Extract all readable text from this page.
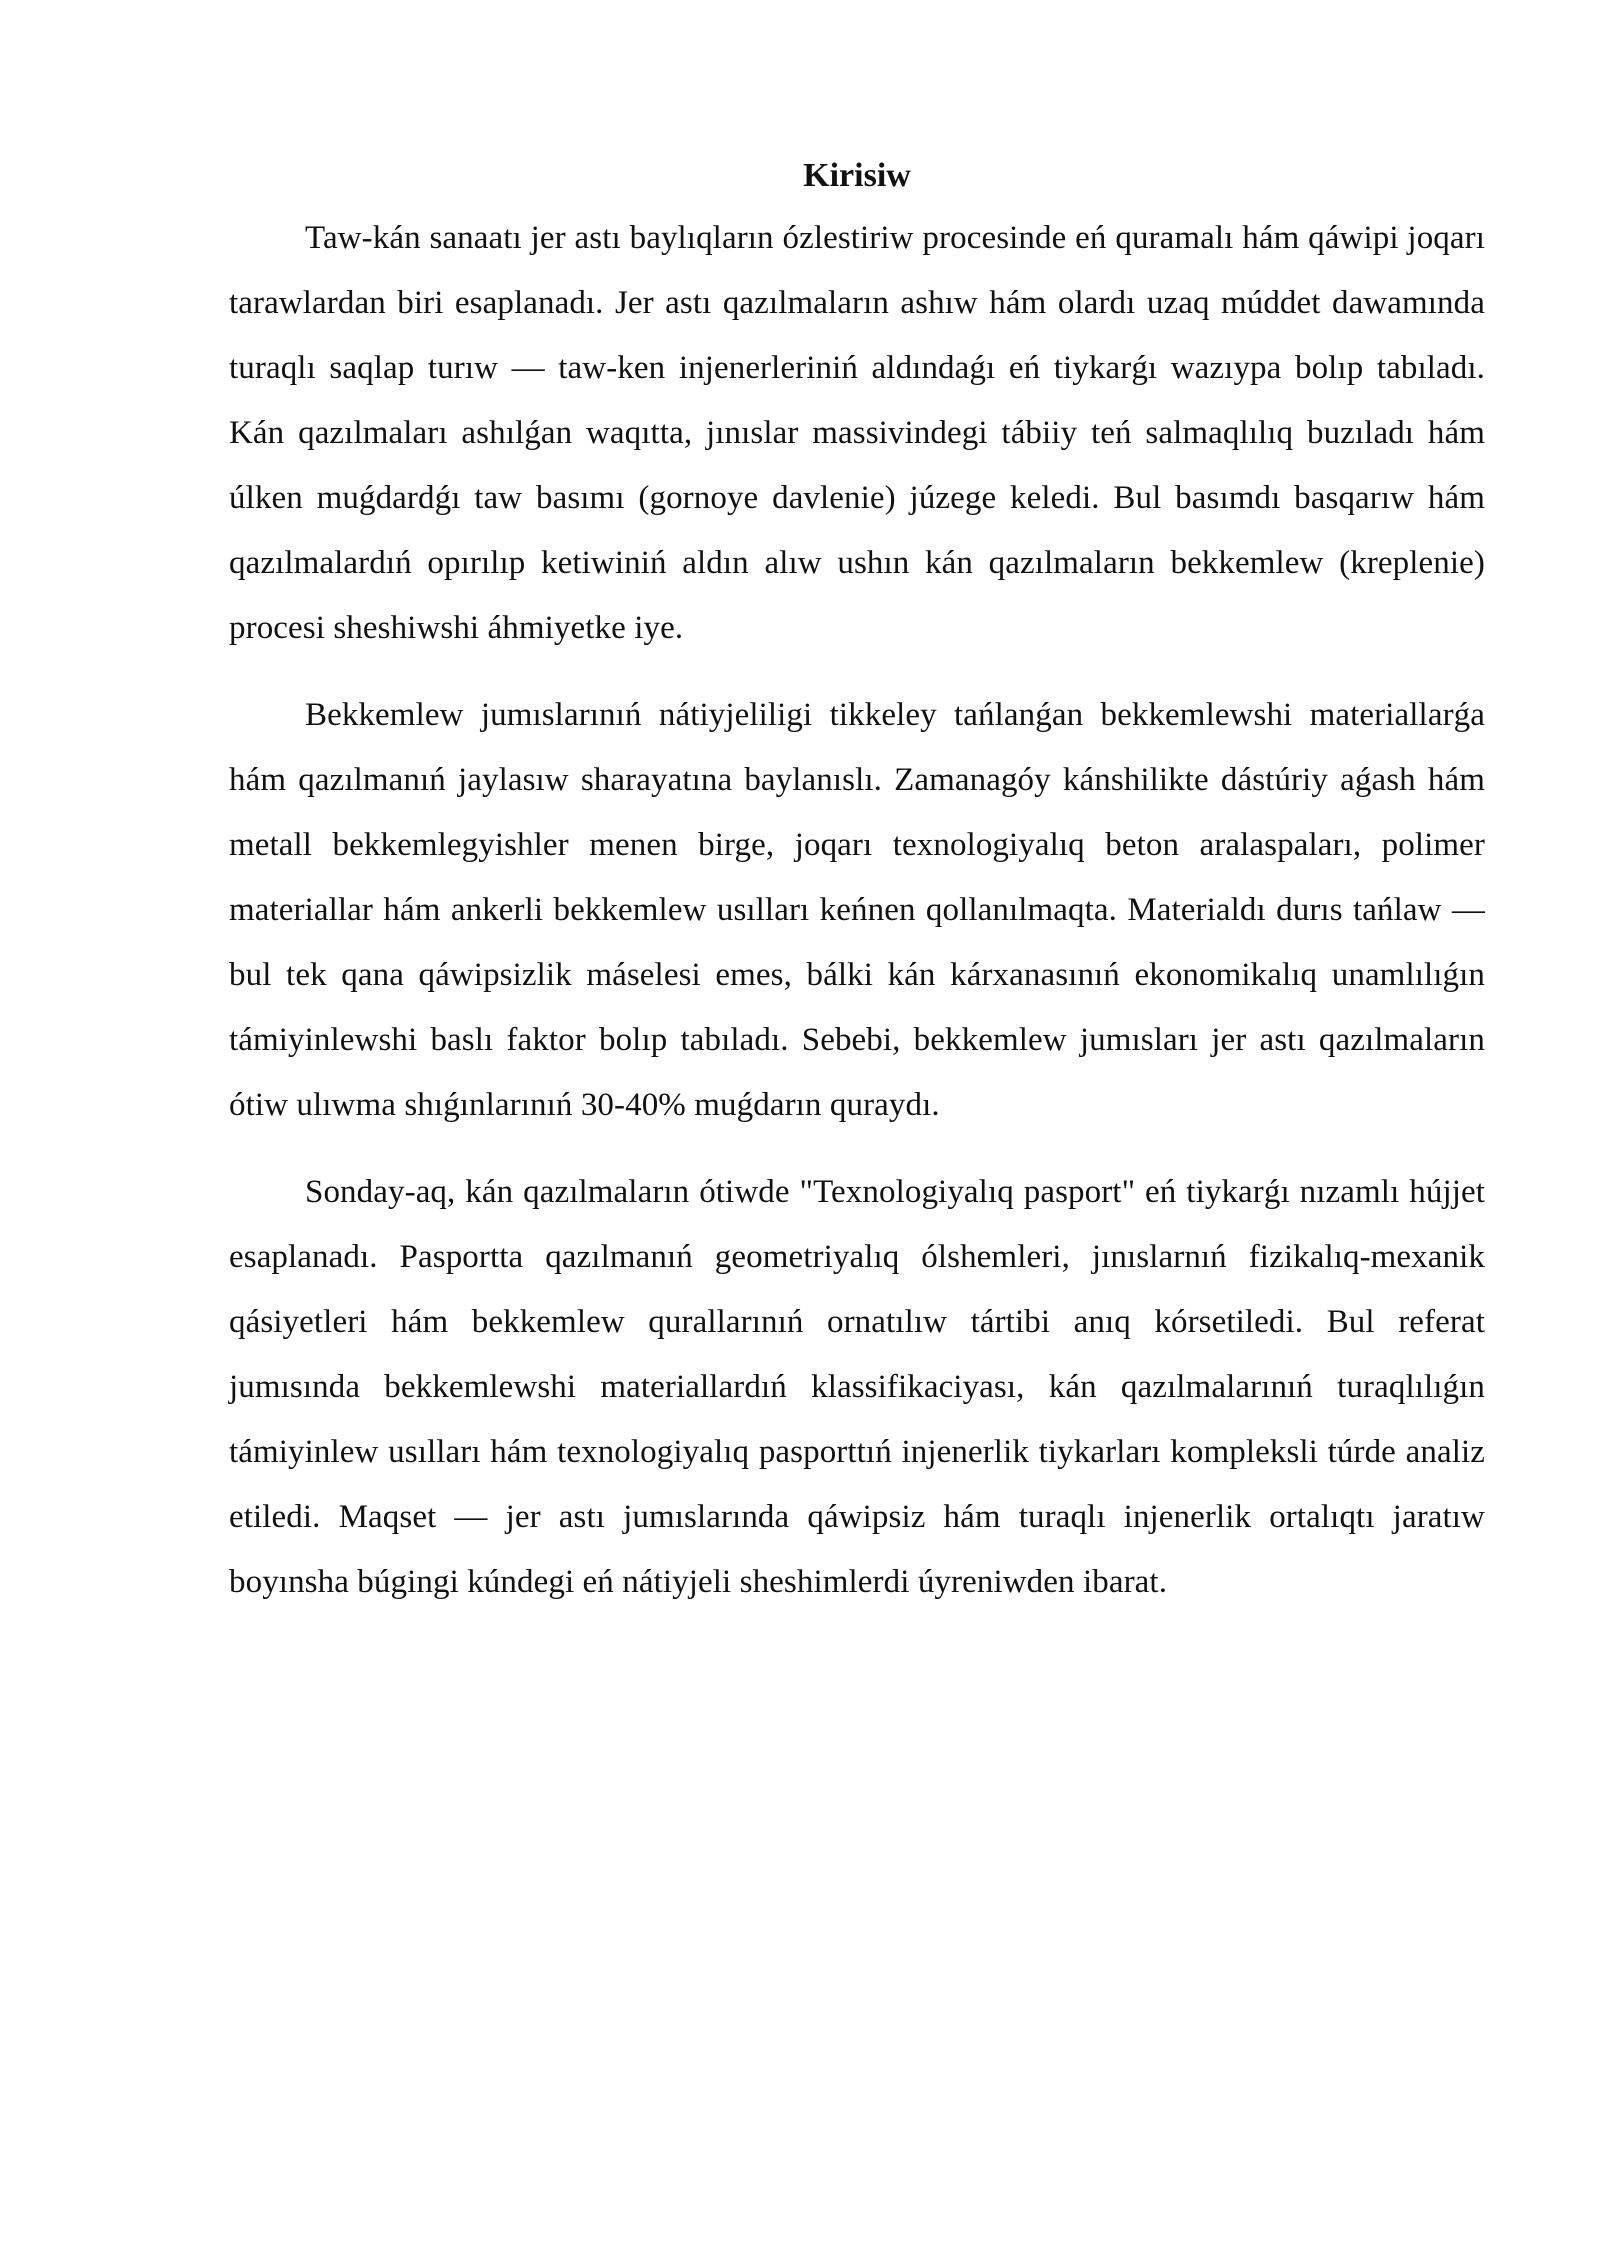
Kirisiw

Taw-kán sanaatı jer astı baylıqların ózlestiriw procesinde eń quramalı hám qáwipi joqarı tarawlardan biri esaplanadı. Jer astı qazılmaların ashıw hám olardı uzaq múddet dawamında turaqlı saqlap turıw — taw-ken injenerleriniń aldındaǵı eń tiykarǵı wazıypa bolıp tabıladı. Kán qazılmaları ashılǵan waqıtta, jınıslar massivindegi tábiiy teń salmaqlılıq buzıladı hám úlken muǵdardǵı taw basımı (gornoye davlenie) júzege keledi. Bul basımdı basqarıw hám qazılmalardıń opırılıp ketiwiniń aldın alıw ushın kán qazılmaların bekkemlew (kreplenie) procesi sheshiwshi áhmiyetke iye.

Bekkemlew jumıslarınıń nátiyjeliligi tikkeley tańlanǵan bekkemlewshi materiallarǵa hám qazılmanıń jaylasıw sharayatına baylanıslı. Zamanagóy kánshilikte dástúriy aǵash hám metall bekkemlegyishler menen birge, joqarı texnologiyalıq beton aralaspaları, polimer materiallar hám ankerli bekkemlew usılları keńnen qollanılmaqta. Materialdı durıs tańlaw — bul tek qana qáwipsizlik máselesi emes, bálki kán kárxanasınıń ekonomikalıq unamlılıǵın támiyinlewshi baslı faktor bolıp tabıladı. Sebebi, bekkemlew jumısları jer astı qazılmaların ótiw ulıwma shıǵınlarınıń 30-40% muǵdarın quraydı.

Sonday-aq, kán qazılmaların ótiwde "Texnologiyalıq pasport" eń tiykarǵı nızamlı hújjet esaplanadı. Pasportta qazılmanıń geometriyalıq ólshemleri, jınıslarnıń fizikalıq-mexanik qásiyetleri hám bekkemlew qurallarınıń ornatılıw tártibi anıq kórsetiledi. Bul referat jumısında bekkemlewshi materiallardıń klassifikaciyası, kán qazılmalarınıń turaqlılıǵın támiyinlew usılları hám texnologiyalıq pasporttıń injenerlik tiykarları kompleksli túrde analiz etiledi. Maqset — jer astı jumıslarında qáwipsiz hám turaqlı injenerlik ortalıqtı jaratıw boyınsha búgingi kúndegi eń nátiyjeli sheshimlerdi úyreniwden ibarat.
